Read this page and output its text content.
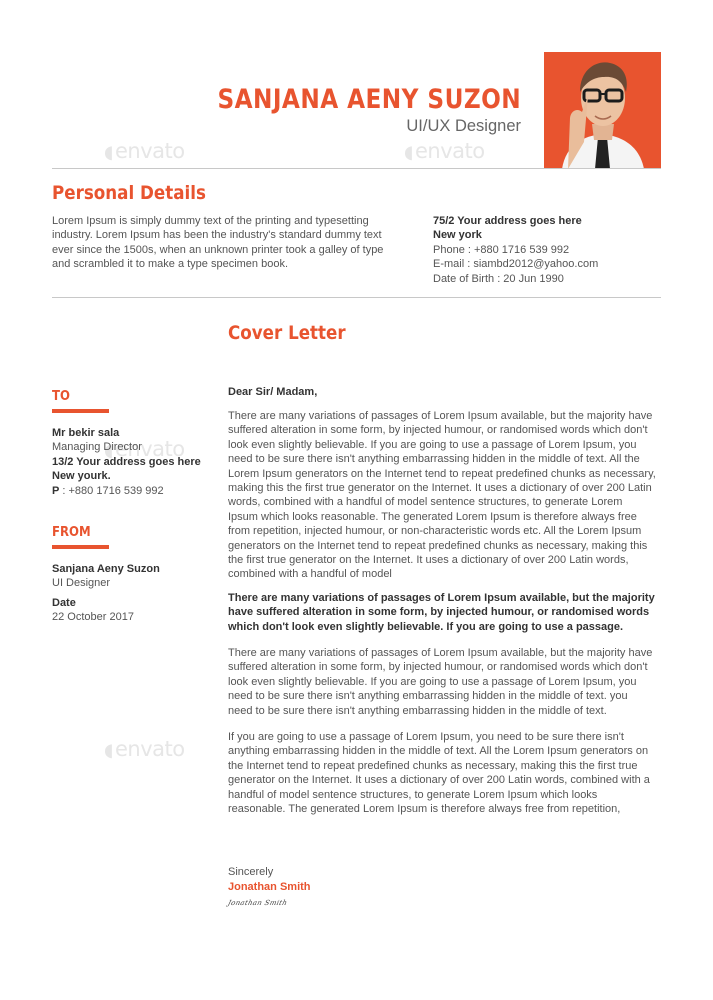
◖ envato
◖	envato
◖ envato
◖ envato
SANJANA AENY SUZON
UI/UX Designer
Personal Details
Lorem Ipsum is simply dummy text of the printing and typesetting
industry. Lorem Ipsum has been the industry's standard dummy text
ever since the 1500s, when an unknown printer took a galley of type
and scrambled it to make a type specimen book.
75/2 Your address goes here
New york
Phone : +880 1716 539 992
E-mail : siambd2012@yahoo.com
Date of Birth : 20 Jun 1990
Cover Letter
TO
Mr bekir sala
Managing Director
13/2 Your address goes here
New yourk.
P : +880 1716 539 992
FROM
Sanjana Aeny Suzon
UI Designer
Date
22 October 2017
Dear Sir/ Madam,
There are many variations of passages of Lorem Ipsum available, but the majority have
suffered alteration in some form, by injected humour, or randomised words which don't
look even slightly believable. If you are going to use a passage of Lorem Ipsum, you
need to be sure there isn't anything embarrassing hidden in the middle of text. All the
Lorem Ipsum generators on the Internet tend to repeat predefined chunks as necessary,
making this the first true generator on the Internet. It uses a dictionary of over 200 Latin
words, combined with a handful of model sentence structures, to generate Lorem
Ipsum which looks reasonable. The generated Lorem Ipsum is therefore always free
from repetition, injected humour, or non-characteristic words etc. All the Lorem Ipsum
generators on the Internet tend to repeat predefined chunks as necessary, making this
the first true generator on the Internet. It uses a dictionary of over 200 Latin words,
combined with a handful of model
There are many variations of passages of Lorem Ipsum available, but the majority
have suffered alteration in some form, by injected humour, or randomised words
which don't look even slightly believable. If you are going to use a passage.
There are many variations of passages of Lorem Ipsum available, but the majority have
suffered alteration in some form, by injected humour, or randomised words which don't
look even slightly believable. If you are going to use a passage of Lorem Ipsum, you
need to be sure there isn't anything embarrassing hidden in the middle of text. you
need to be sure there isn't anything embarrassing hidden in the middle of text.
If you are going to use a passage of Lorem Ipsum, you need to be sure there isn't
anything embarrassing hidden in the middle of text. All the Lorem Ipsum generators on
the Internet tend to repeat predefined chunks as necessary, making this the first true
generator on the Internet. It uses a dictionary of over 200 Latin words, combined with a
handful of model sentence structures, to generate Lorem Ipsum which looks
reasonable. The generated Lorem Ipsum is therefore always free from repetition,
Sincerely
Jonathan Smith
Jonathan Smith
